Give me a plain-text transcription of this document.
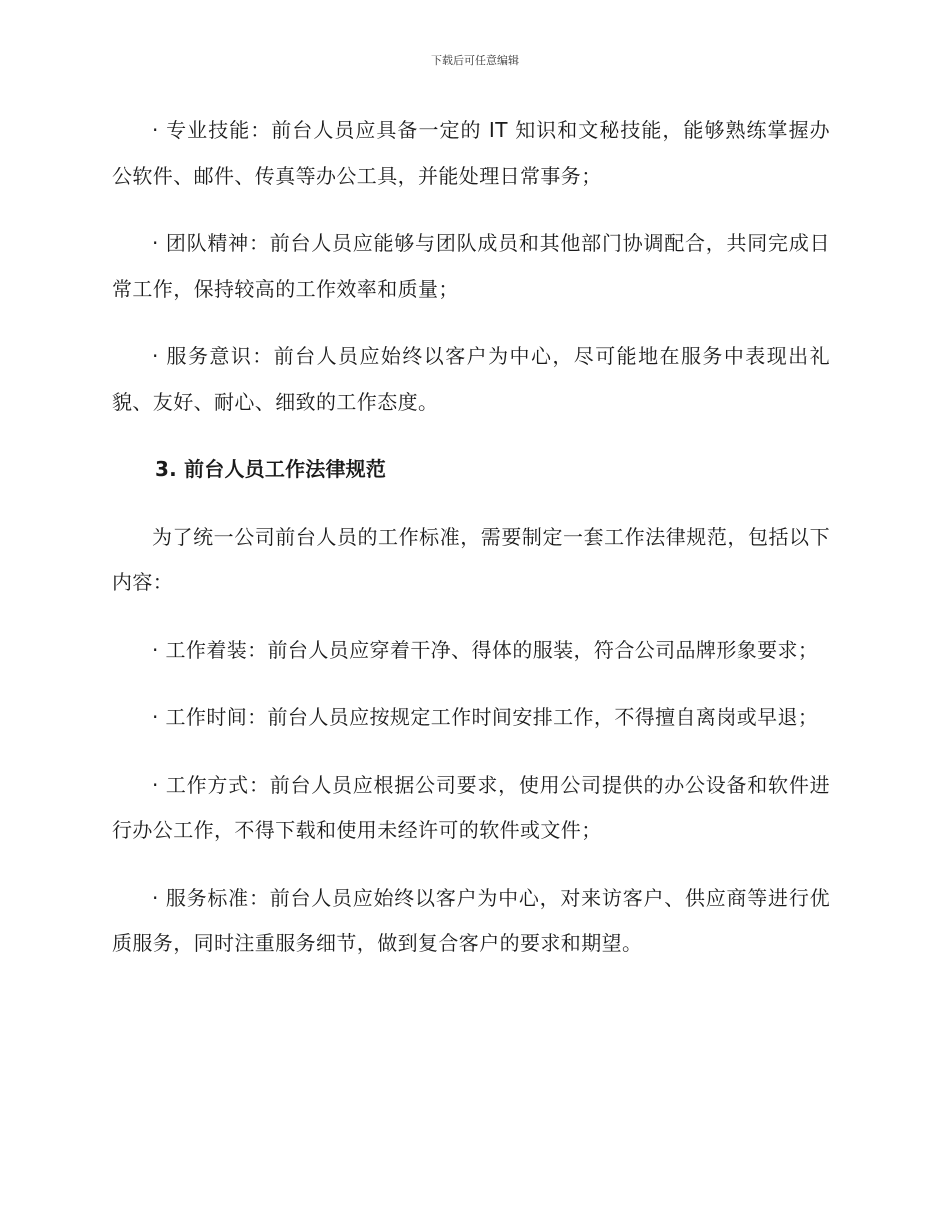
下载后可任意编辑

· 专业技能：前台人员应具备一定的 IT 知识和文秘技能，能够熟练掌握办公软件、邮件、传真等办公工具，并能处理日常事务；

· 团队精神：前台人员应能够与团队成员和其他部门协调配合，共同完成日常工作，保持较高的工作效率和质量；

· 服务意识：前台人员应始终以客户为中心，尽可能地在服务中表现出礼貌、友好、耐心、细致的工作态度。

3. 前台人员工作法律规范

为了统一公司前台人员的工作标准，需要制定一套工作法律规范，包括以下内容：

· 工作着装：前台人员应穿着干净、得体的服装，符合公司品牌形象要求；

· 工作时间：前台人员应按规定工作时间安排工作，不得擅自离岗或早退；

· 工作方式：前台人员应根据公司要求，使用公司提供的办公设备和软件进行办公工作，不得下载和使用未经许可的软件或文件；

· 服务标准：前台人员应始终以客户为中心，对来访客户、供应商等进行优质服务，同时注重服务细节，做到复合客户的要求和期望。
